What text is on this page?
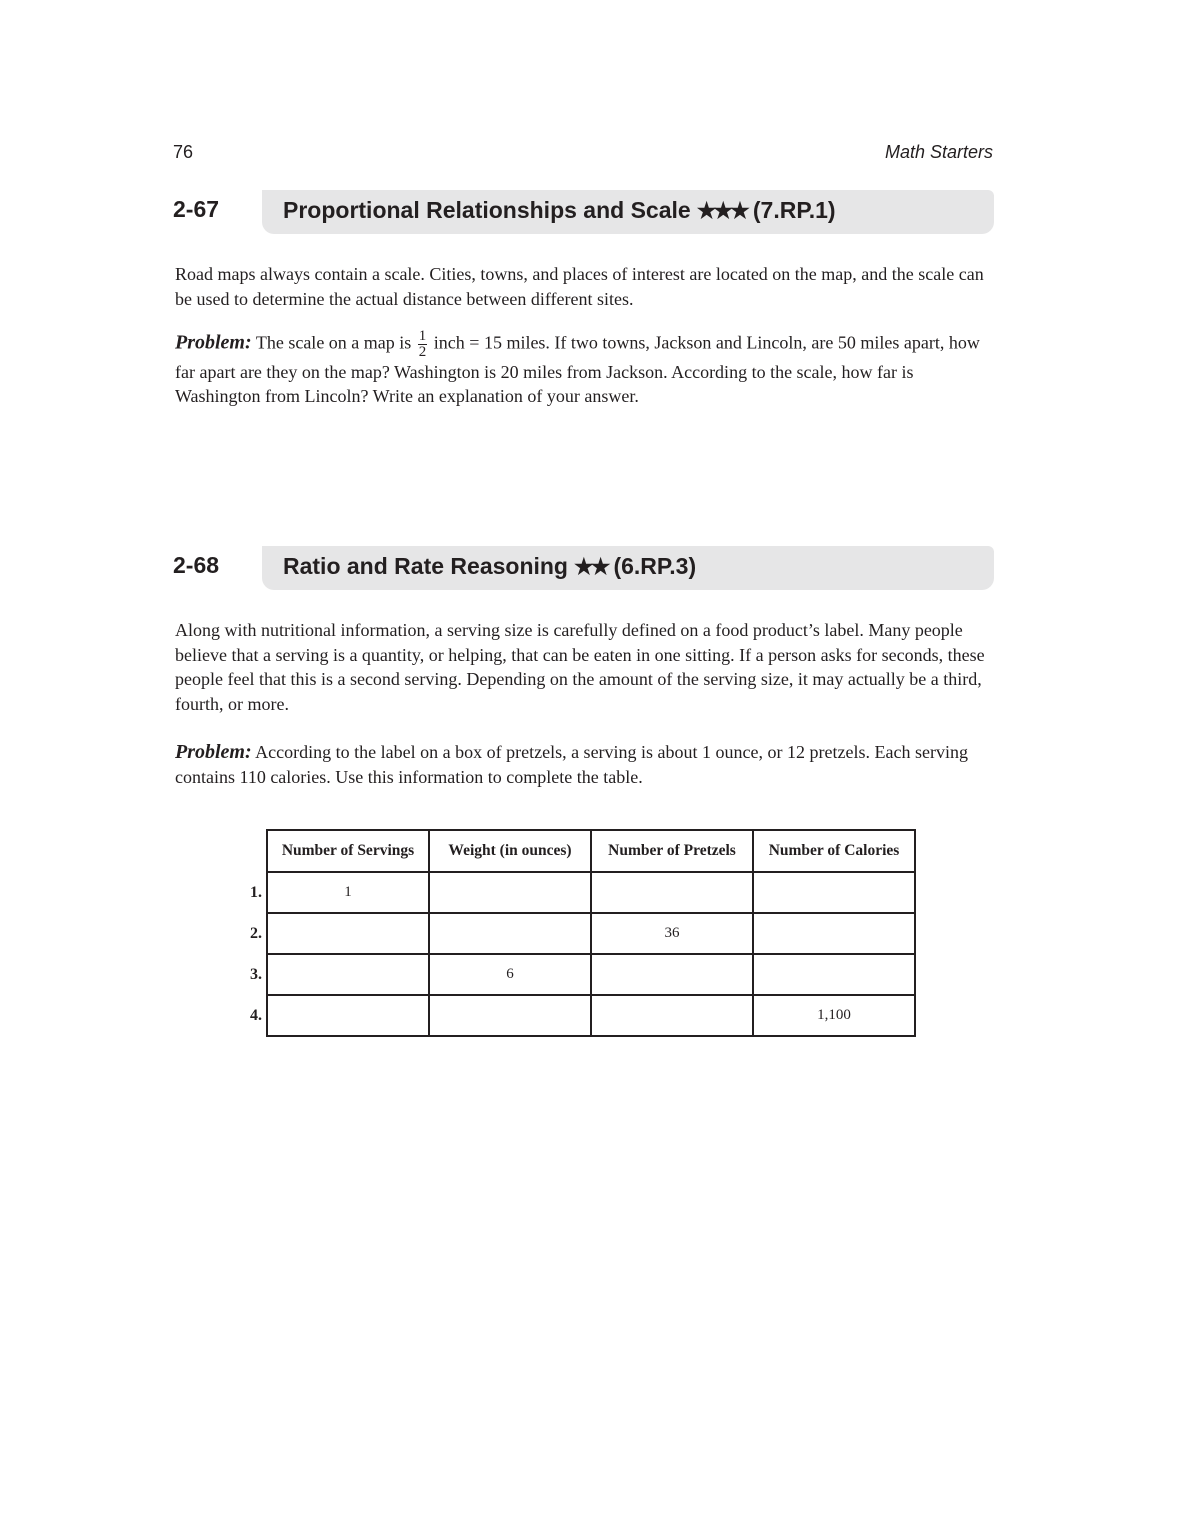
76	Math Starters
2-67	Proportional Relationships and Scale ★★★ (7.RP.1)

Road maps always contain a scale. Cities, towns, and places of interest are located on the map, and the scale can be used to determine the actual distance between different sites.

Problem: The scale on a map is $\frac{1}{2}$ inch = 15 miles. If two towns, Jackson and Lincoln, are 50 miles apart, how far apart are they on the map? Washington is 20 miles from Jackson. According to the scale, how far is Washington from Lincoln? Write an explanation of your answer.

2-68	Ratio and Rate Reasoning ★★ (6.RP.3)

Along with nutritional information, a serving size is carefully defined on a food product’s label. Many people believe that a serving is a quantity, or helping, that can be eaten in one sitting. If a person asks for seconds, these people feel that this is a second serving. Depending on the amount of the serving size, it may actually be a third, fourth, or more.

Problem: According to the label on a box of pretzels, a serving is about 1 ounce, or 12 pretzels. Each serving contains 110 calories. Use this information to complete the table.

	Number of Servings	Weight (in ounces)	Number of Pretzels	Number of Calories
1.	1			
2.			36	
3.		6		
4.				1,100
